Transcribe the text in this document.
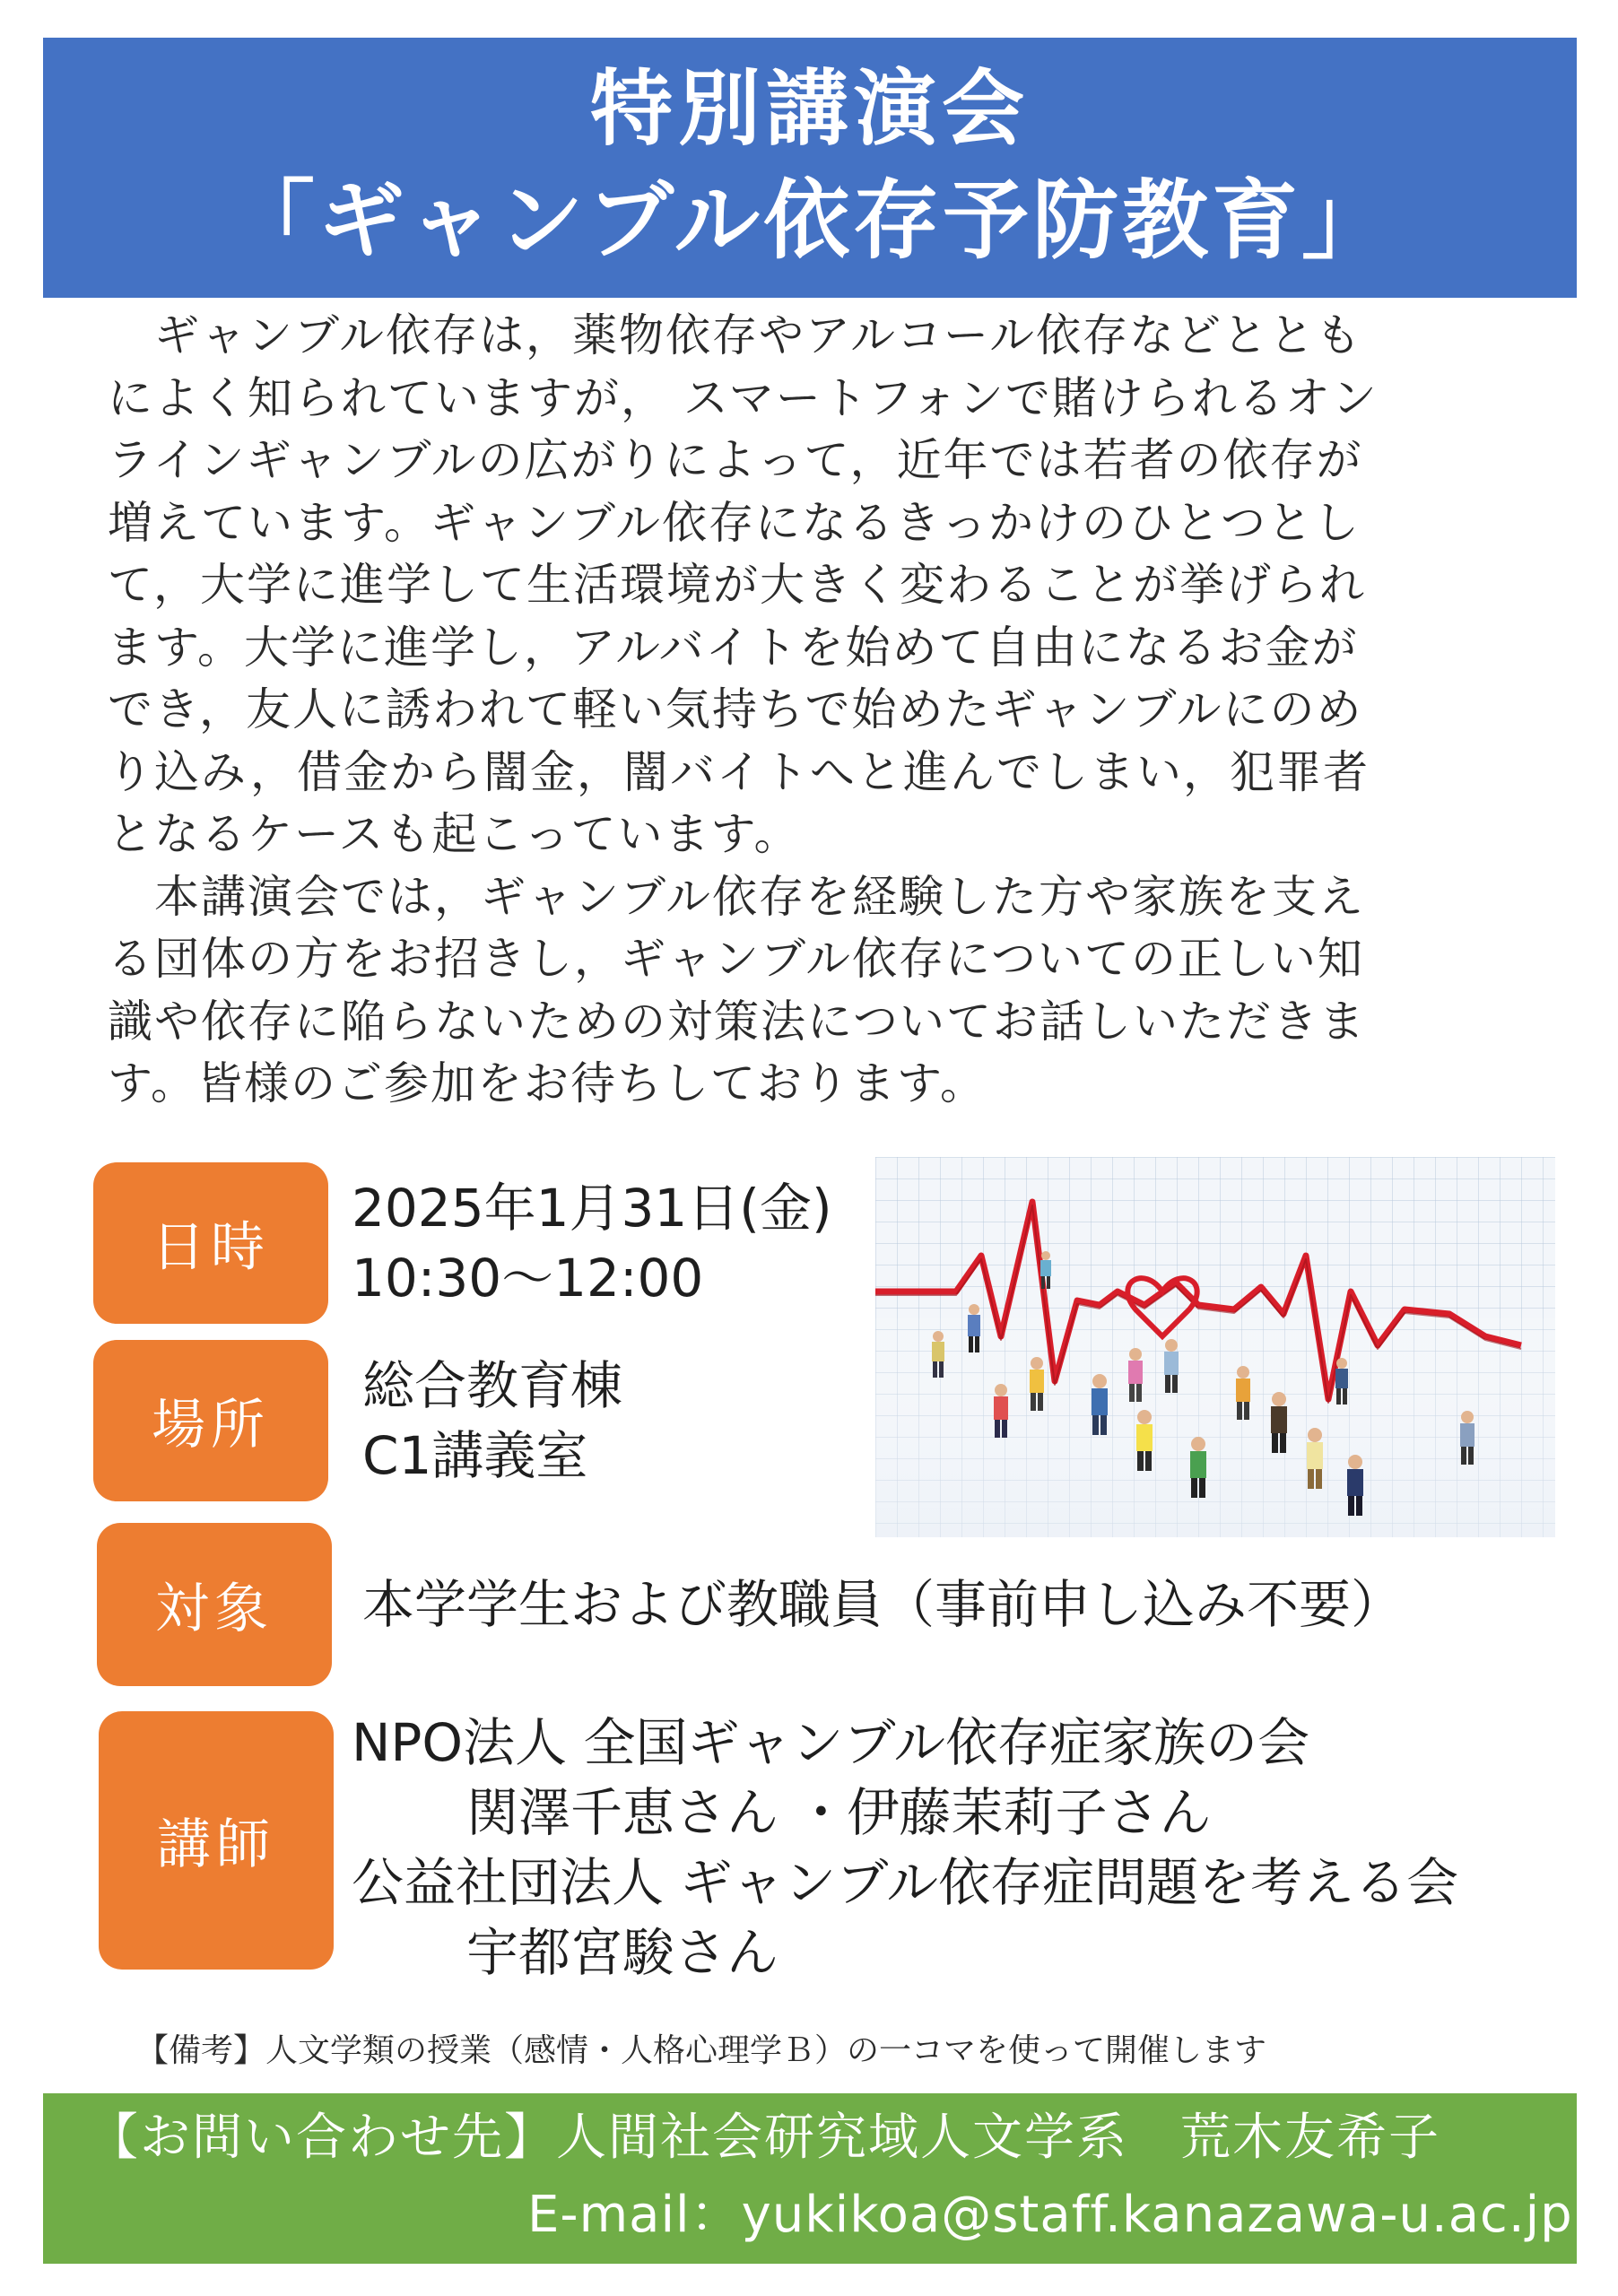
特別講演会
「ギャンブル依存予防教育」

　ギャンブル依存は，薬物依存やアルコール依存などととも

によく知られていますが， スマートフォンで賭けられるオン

ラインギャンブルの広がりによって，近年では若者の依存が

増えています。ギャンブル依存になるきっかけのひとつとし

て，大学に進学して生活環境が大きく変わることが挙げられ

ます。大学に進学し，アルバイトを始めて自由になるお金が

でき，友人に誘われて軽い気持ちで始めたギャンブルにのめ

り込み，借金から闇金，闇バイトへと進んでしまい，犯罪者

となるケースも起こっています。

　本講演会では，ギャンブル依存を経験した方や家族を支え

る団体の方をお招きし，ギャンブル依存についての正しい知

識や依存に陥らないための対策法についてお話しいただきま

す。皆様のご参加をお待ちしております。

日時
2025年1月31日(金)
10:30～12:00
場所
総合教育棟
C1講義室
対象	本学学生および教職員（事前申し込み不要）
講師
NPO法人 全国ギャンブル依存症家族の会
関澤千恵さん ・伊藤茉莉子さん
公益社団法人 ギャンブル依存症問題を考える会
宇都宮駿さん
【備考】人文学類の授業（感情・人格心理学Ｂ）の一コマを使って開催します
【お問い合わせ先】人間社会研究域人文学系　荒木友希子
E-mail：yukikoa@staff.kanazawa-u.ac.jp
